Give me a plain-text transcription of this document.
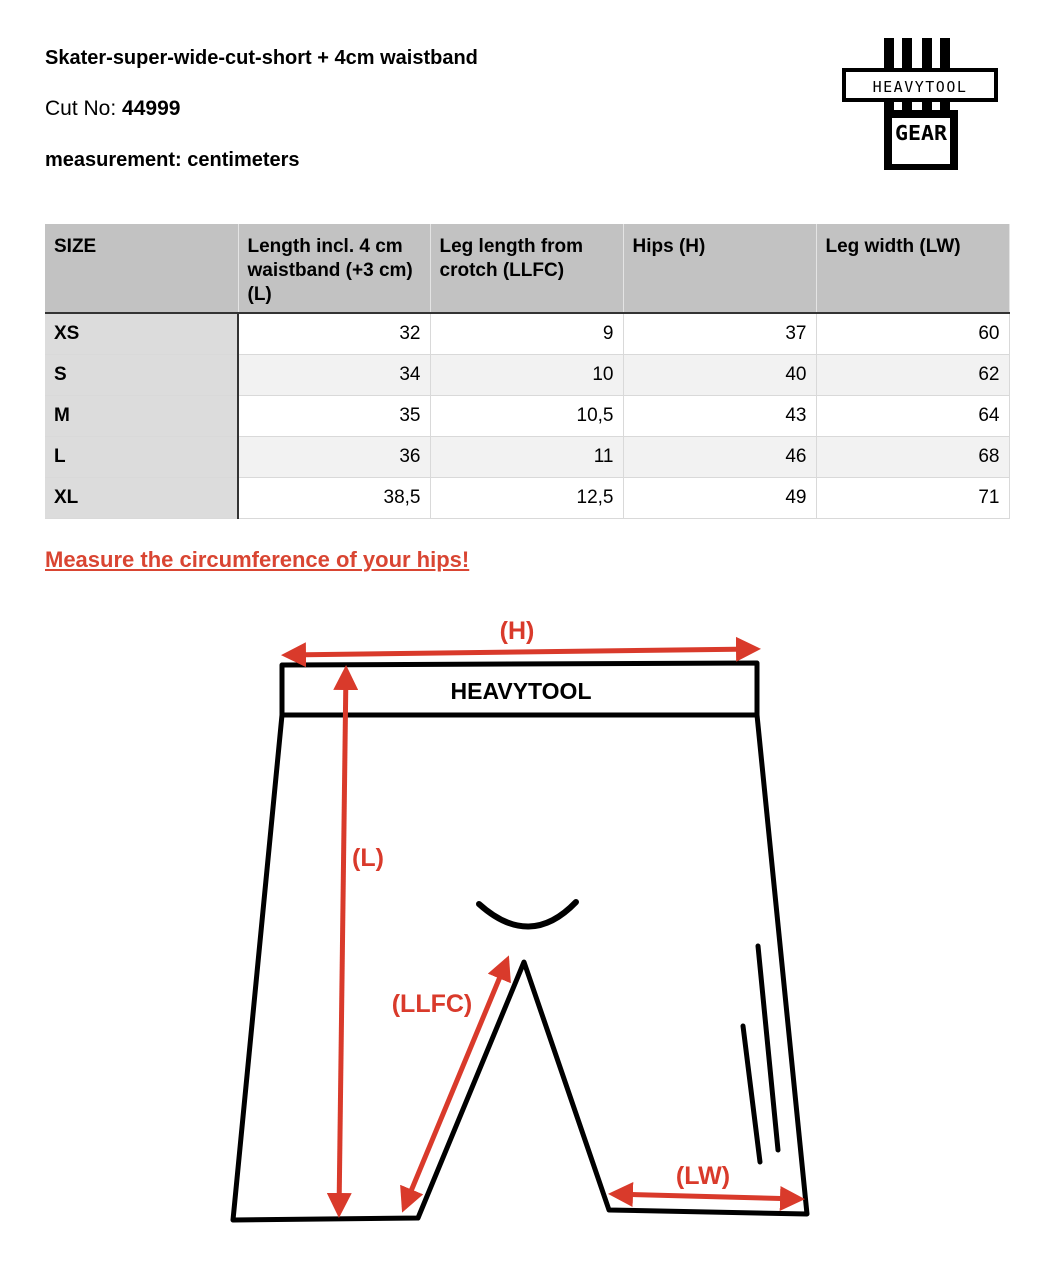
Skater-super-wide-cut-short + 4cm waistband
Cut No: 44999
measurement: centimeters
HEAVYTOOL
GEAR
SIZE	Length incl. 4 cm waistband (+3 cm) (L)	Leg length from crotch (LLFC)	Hips (H)	Leg width (LW)
XS	32	9	37	60
S	34	10	40	62
M	35	10,5	43	64
L	36	11	46	68
XL	38,5	12,5	49	71
Measure the circumference of your hips!
HEAVYTOOL
(H)
(L)
(LLFC)
(LW)
